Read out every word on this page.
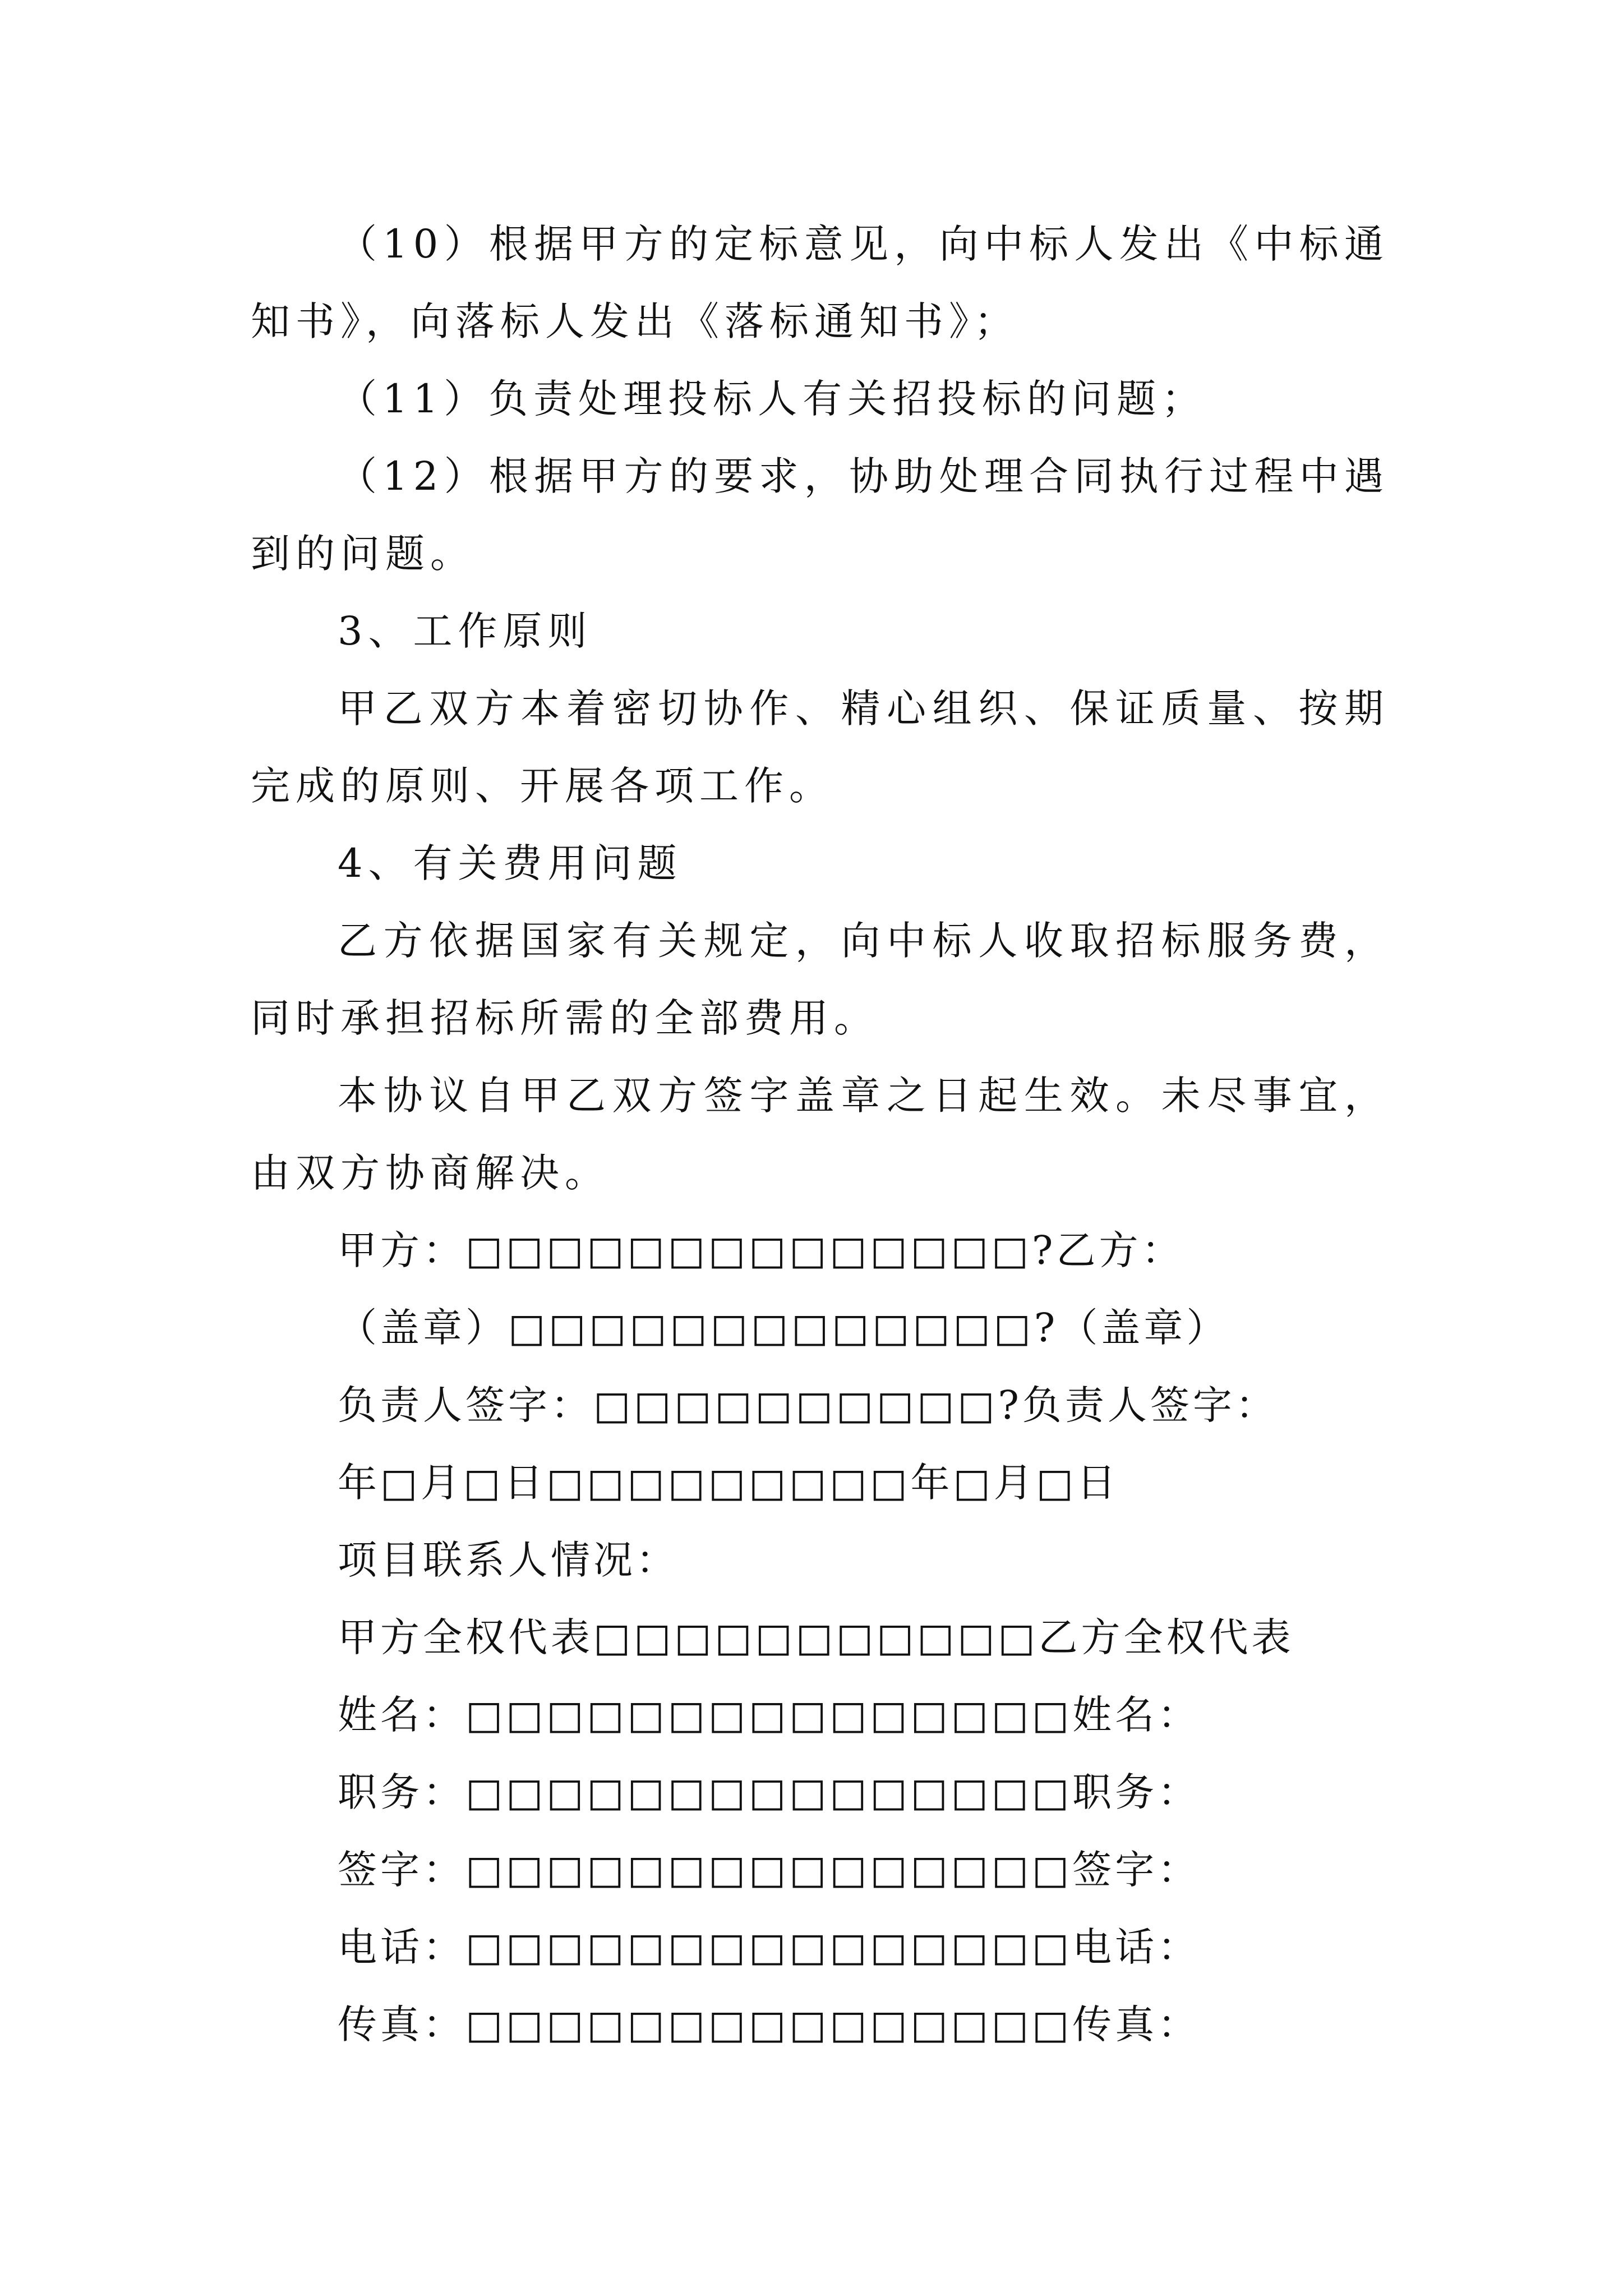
（10）根据甲方的定标意见，向中标人发出《中标通知书》，向落标人发出《落标通知书》；

（11）负责处理投标人有关招投标的问题；

（12）根据甲方的要求，协助处理合同执行过程中遇到的问题。

3、工作原则

甲乙双方本着密切协作、精心组织、保证质量、按期完成的原则、开展各项工作。

4、有关费用问题

乙方依据国家有关规定，向中标人收取招标服务费，同时承担招标所需的全部费用。

本协议自甲乙双方签字盖章之日起生效。未尽事宜，由双方协商解决。

甲方：□□□□□□□□□□□□□□?乙方：

（盖章）□□□□□□□□□□□□□?（盖章）

负责人签字：□□□□□□□□□□?负责人签字：

年□月□日□□□□□□□□□年□月□日

项目联系人情况：

甲方全权代表□□□□□□□□□□□乙方全权代表

姓名：□□□□□□□□□□□□□□□姓名：

职务：□□□□□□□□□□□□□□□职务：

签字：□□□□□□□□□□□□□□□签字：

电话：□□□□□□□□□□□□□□□电话：

传真：□□□□□□□□□□□□□□□传真：
